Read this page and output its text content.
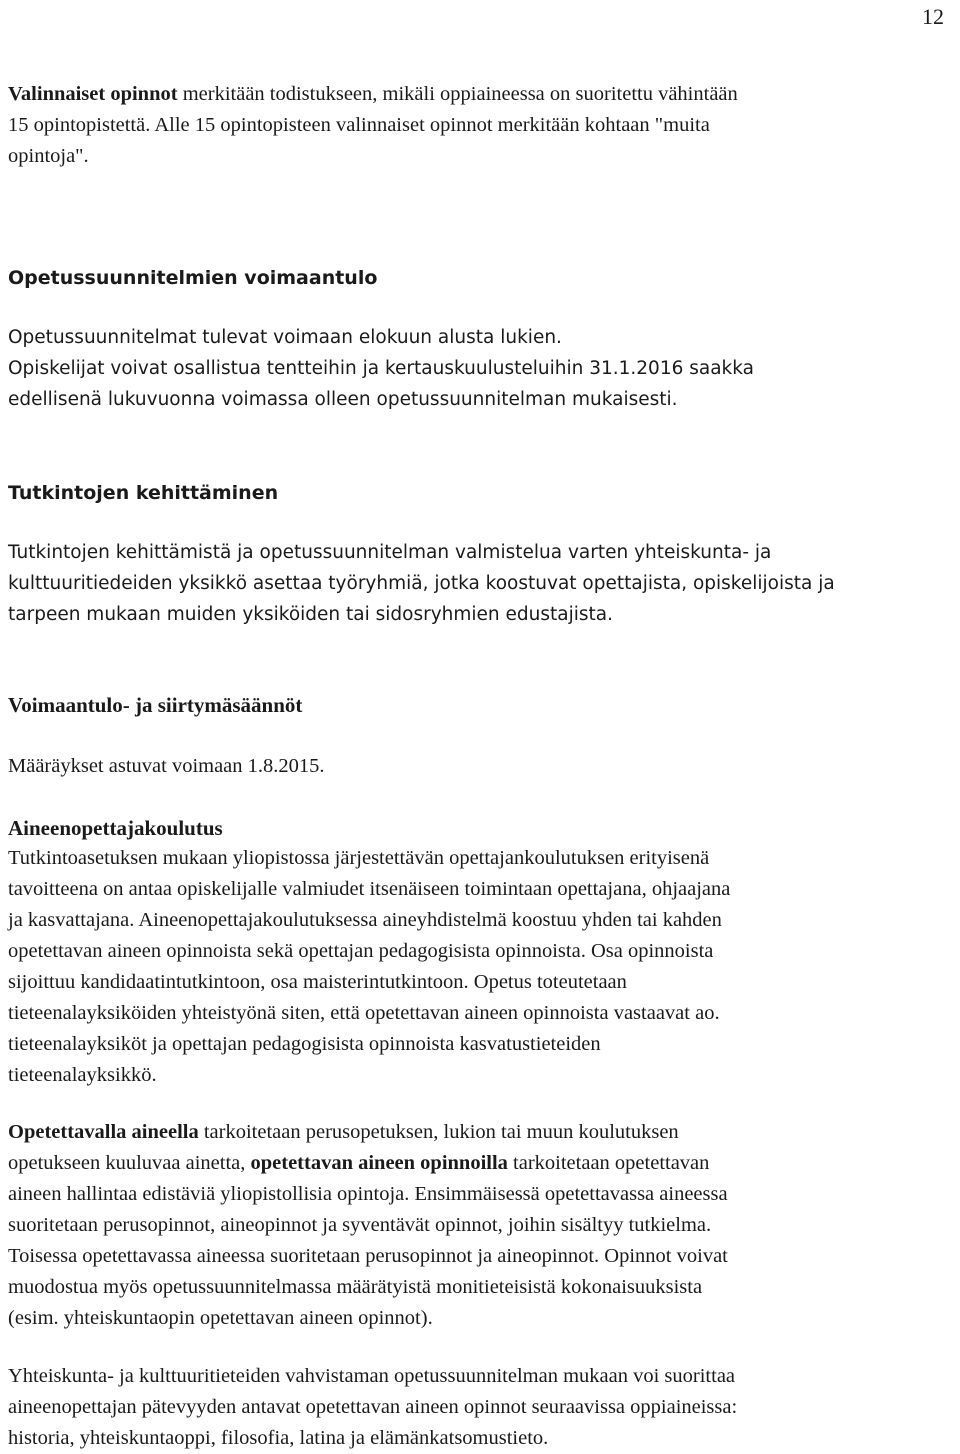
12

Valinnaiset opinnot merkitään todistukseen, mikäli oppiaineessa on suoritettu vähintään
15 opintopistettä. Alle 15 opintopisteen valinnaiset opinnot merkitään kohtaan "muita
opintoja".

Opetussuunnitelmien voimaantulo

Opetussuunnitelmat tulevat voimaan elokuun alusta lukien.
Opiskelijat voivat osallistua tentteihin ja kertauskuulusteluihin 31.1.2016 saakka
edellisenä lukuvuonna voimassa olleen opetussuunnitelman mukaisesti.

Tutkintojen kehittäminen

Tutkintojen kehittämistä ja opetussuunnitelman valmistelua varten yhteiskunta- ja
kulttuuritiedeiden yksikkö asettaa työryhmiä, jotka koostuvat opettajista, opiskelijoista ja
tarpeen mukaan muiden yksiköiden tai sidosryhmien edustajista.

Voimaantulo- ja siirtymäsäännöt

Määräykset astuvat voimaan 1.8.2015.

Aineenopettajakoulutus

Tutkintoasetuksen mukaan yliopistossa järjestettävän opettajankoulutuksen erityisenä
tavoitteena on antaa opiskelijalle valmiudet itsenäiseen toimintaan opettajana, ohjaajana
ja kasvattajana. Aineenopettajakoulutuksessa aineyhdistelmä koostuu yhden tai kahden
opetettavan aineen opinnoista sekä opettajan pedagogisista opinnoista. Osa opinnoista
sijoittuu kandidaatintutkintoon, osa maisterintutkintoon. Opetus toteutetaan
tieteenalayksiköiden yhteistyönä siten, että opetettavan aineen opinnoista vastaavat ao.
tieteenalayksiköt ja opettajan pedagogisista opinnoista kasvatustieteiden
tieteenalayksikkö.

Opetettavalla aineella tarkoitetaan perusopetuksen, lukion tai muun koulutuksen
opetukseen kuuluvaa ainetta, opetettavan aineen opinnoilla tarkoitetaan opetettavan
aineen hallintaa edistäviä yliopistollisia opintoja. Ensimmäisessä opetettavassa aineessa
suoritetaan perusopinnot, aineopinnot ja syventävät opinnot, joihin sisältyy tutkielma.
Toisessa opetettavassa aineessa suoritetaan perusopinnot ja aineopinnot. Opinnot voivat
muodostua myös opetussuunnitelmassa määrätyistä monitieteisistä kokonaisuuksista
(esim. yhteiskuntaopin opetettavan aineen opinnot).

Yhteiskunta- ja kulttuuritieteiden vahvistaman opetussuunnitelman mukaan voi suorittaa
aineenopettajan pätevyyden antavat opetettavan aineen opinnot seuraavissa oppiaineissa:
historia, yhteiskuntaoppi, filosofia, latina ja elämänkatsomustieto.
